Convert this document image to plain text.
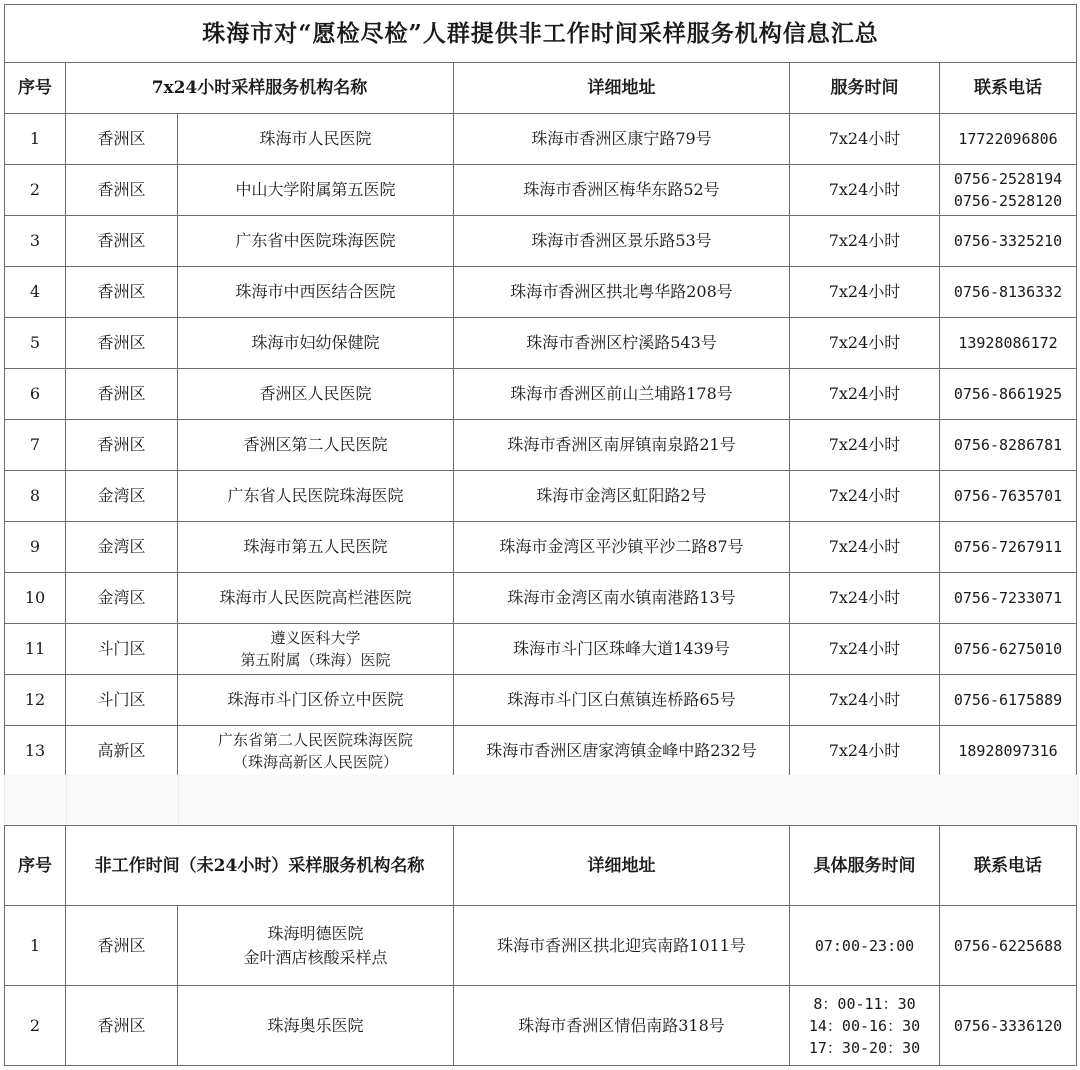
珠海市对“愿检尽检”人群提供非工作时间采样服务机构信息汇总					
序号	7x24小时采样服务机构名称		详细地址	服务时间	联系电话
1	香洲区	珠海市人民医院	珠海市香洲区康宁路79号	7x24小时	17722096806

2	香洲区	中山大学附属第五医院	珠海市香洲区梅华东路52号	7x24小时	0756-2528194
0756-2528120

3	香洲区	广东省中医院珠海医院	珠海市香洲区景乐路53号	7x24小时	0756-3325210

4	香洲区	珠海市中西医结合医院	珠海市香洲区拱北粤华路208号	7x24小时	0756-8136332

5	香洲区	珠海市妇幼保健院	珠海市香洲区柠溪路543号	7x24小时	13928086172

6	香洲区	香洲区人民医院	珠海市香洲区前山兰埔路178号	7x24小时	0756-8661925

7	香洲区	香洲区第二人民医院	珠海市香洲区南屏镇南泉路21号	7x24小时	0756-8286781

8	金湾区	广东省人民医院珠海医院	珠海市金湾区虹阳路2号	7x24小时	0756-7635701

9	金湾区	珠海市第五人民医院	珠海市金湾区平沙镇平沙二路87号	7x24小时	0756-7267911

10	金湾区	珠海市人民医院高栏港医院	珠海市金湾区南水镇南港路13号	7x24小时	0756-7233071

11	斗门区	遵义医科大学
第五附属（珠海）医院	珠海市斗门区珠峰大道1439号	7x24小时	0756-6275010

12	斗门区	珠海市斗门区侨立中医院	珠海市斗门区白蕉镇连桥路65号	7x24小时	0756-6175889

13	高新区	广东省第二人民医院珠海医院
（珠海高新区人民医院）	珠海市香洲区唐家湾镇金峰中路232号	7x24小时	18928097316
序号	非工作时间（未24小时）采样服务机构名称		详细地址	具体服务时间	联系电话
1	香洲区	珠海明德医院
金叶酒店核酸采样点	珠海市香洲区拱北迎宾南路1011号	07:00-23:00	0756-6225688

2	香洲区	珠海奥乐医院	珠海市香洲区情侣南路318号	8：00-11：30
14：00-16：30
17：30-20：30	0756-3336120
